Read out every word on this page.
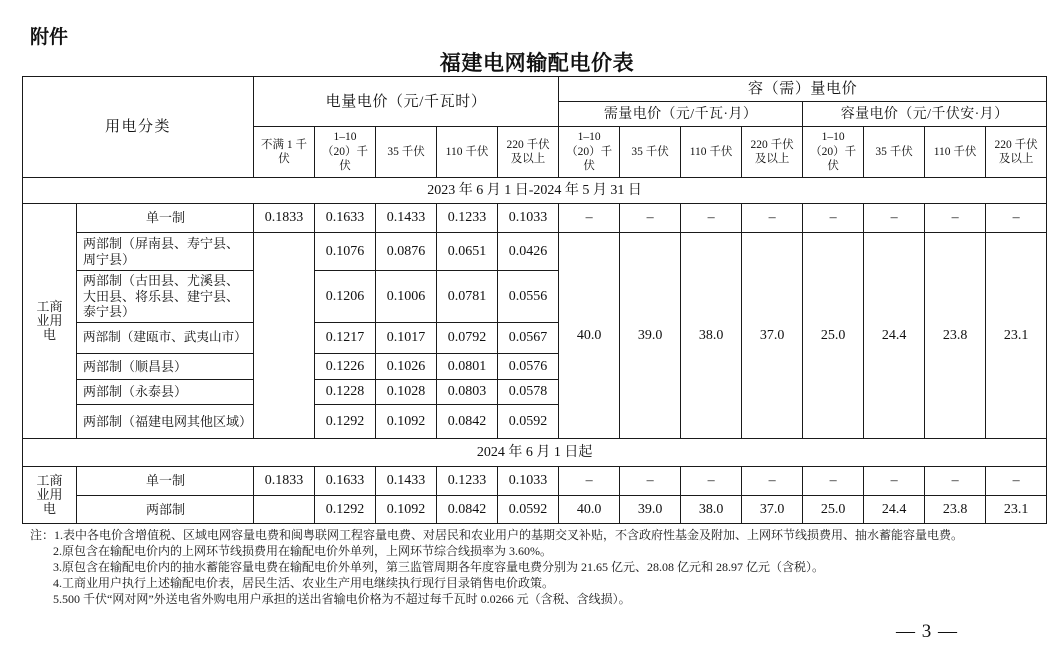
附件
福建电网输配电价表
用电分类		电量电价（元/千瓦时）					容（需）量电价							
							需量电价（元/千瓦·月）				容量电价（元/千伏安·月）			
		不满 1 千伏	1–10（20）千伏	35 千伏	110 千伏	220 千伏及以上	1–10（20）千伏	35 千伏	110 千伏	220 千伏及以上	1–10（20）千伏	35 千伏	110 千伏	220 千伏及以上
2023 年 6 月 1 日-2024 年 5 月 31 日														
工商业用电	单一制	0.1833	0.1633	0.1433	0.1233	0.1033	–	–	–	–	–	–	–	–
	两部制（屏南县、寿宁县、周宁县）		0.1076	0.0876	0.0651	0.0426	40.0	39.0	38.0	37.0	25.0	24.4	23.8	23.1
	两部制（古田县、尤溪县、大田县、将乐县、建宁县、泰宁县）		0.1206	0.1006	0.0781	0.0556								
	两部制（建瓯市、武夷山市）		0.1217	0.1017	0.0792	0.0567								
	两部制（顺昌县）		0.1226	0.1026	0.0801	0.0576								
	两部制（永泰县）		0.1228	0.1028	0.0803	0.0578								
	两部制（福建电网其他区域）		0.1292	0.1092	0.0842	0.0592								
2024 年 6 月 1 日起														
工商业用电	单一制	0.1833	0.1633	0.1433	0.1233	0.1033	–	–	–	–	–	–	–	–
	两部制		0.1292	0.1092	0.0842	0.0592	40.0	39.0	38.0	37.0	25.0	24.4	23.8	23.1
注：1.表中各电价含增值税、区域电网容量电费和闽粤联网工程容量电费、对居民和农业用户的基期交叉补贴，不含政府性基金及附加、上网环节线损费用、抽水蓄能容量电费。
2.原包含在输配电价内的上网环节线损费用在输配电价外单列，上网环节综合线损率为 3.60%。
3.原包含在输配电价内的抽水蓄能容量电费在输配电价外单列，第三监管周期各年度容量电费分别为 21.65 亿元、28.08 亿元和 28.97 亿元（含税）。
4.工商业用户执行上述输配电价表，居民生活、农业生产用电继续执行现行目录销售电价政策。
5.500 千伏“网对网”外送电省外购电用户承担的送出省输电价格为不超过每千瓦时 0.0266 元（含税、含线损）。
— 3 —
